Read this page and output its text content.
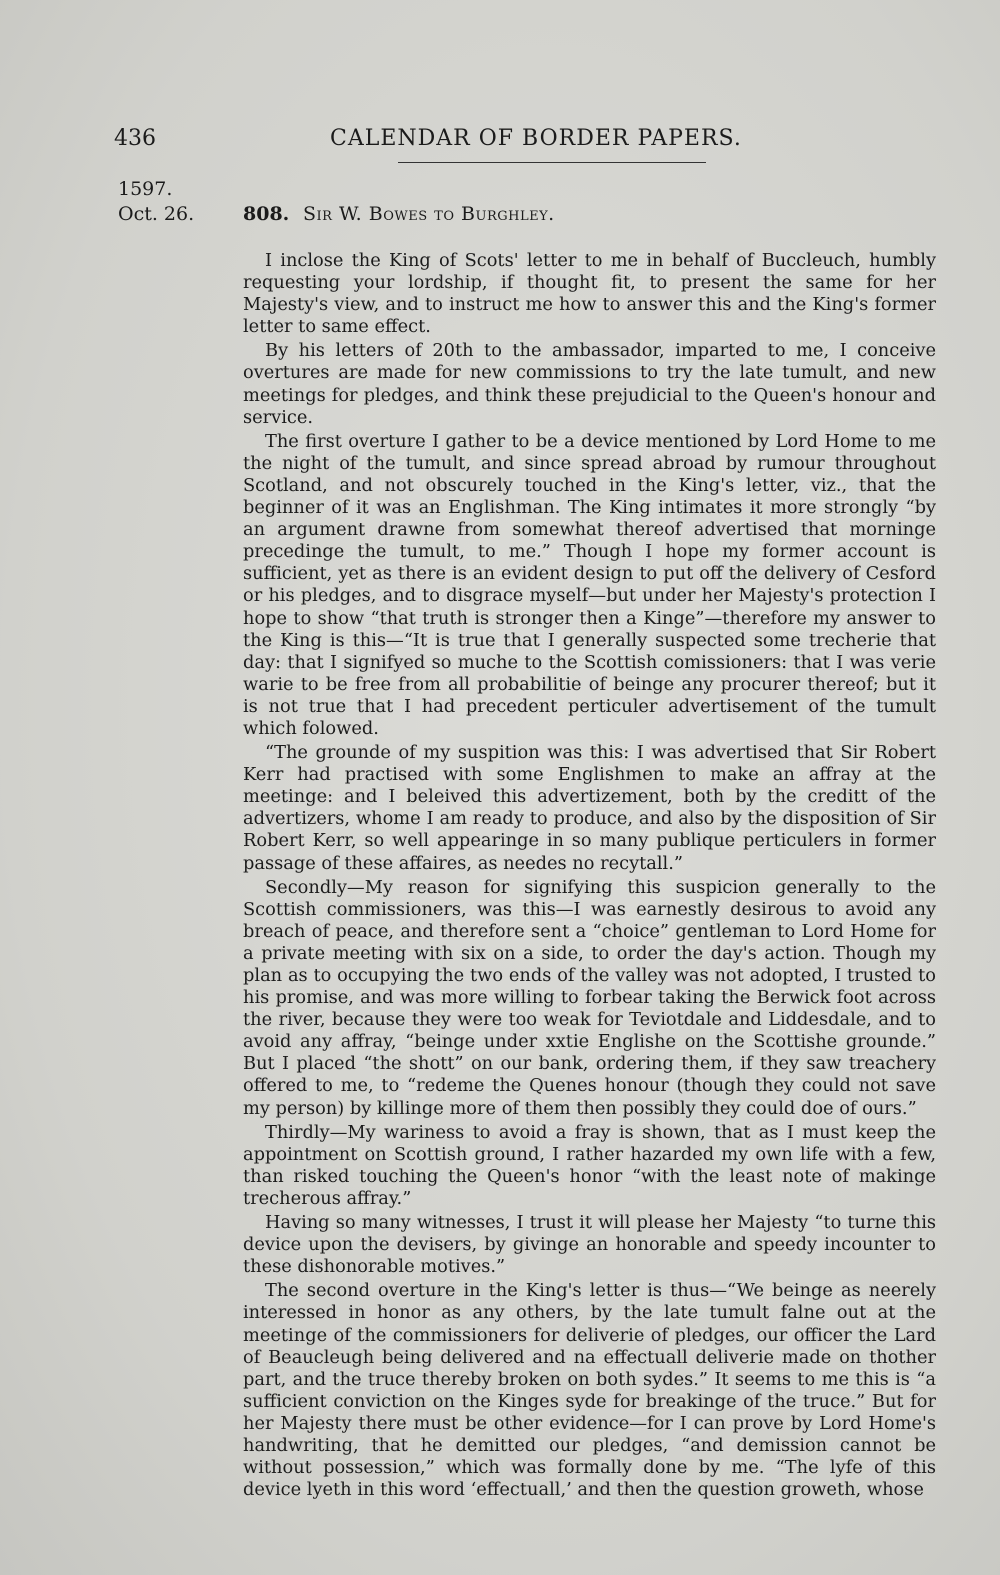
436	CALENDAR OF BORDER PAPERS.
1597.
Oct. 26.	808. Sir W. Bowes to Burghley.

I inclose the King of Scots' letter to me in behalf of Buccleuch, humbly requesting your lordship, if thought fit, to present the same for her Majesty's view, and to instruct me how to answer this and the King's former letter to same effect.

By his letters of 20th to the ambassador, imparted to me, I conceive overtures are made for new commissions to try the late tumult, and new meetings for pledges, and think these prejudicial to the Queen's honour and service.

The first overture I gather to be a device mentioned by Lord Home to me the night of the tumult, and since spread abroad by rumour throughout Scotland, and not obscurely touched in the King's letter, viz., that the beginner of it was an Englishman. The King intimates it more strongly “by an argument drawne from somewhat thereof advertised that morninge precedinge the tumult, to me.” Though I hope my former account is sufficient, yet as there is an evident design to put off the delivery of Cesford or his pledges, and to disgrace myself—but under her Majesty's protection I hope to show “that truth is stronger then a Kinge”—therefore my answer to the King is this—“It is true that I generally suspected some trecherie that day: that I signifyed so muche to the Scottish comissioners: that I was verie warie to be free from all probabilitie of beinge any procurer thereof; but it is not true that I had precedent perticuler advertisement of the tumult which folowed.

“The grounde of my suspition was this: I was advertised that Sir Robert Kerr had practised with some Englishmen to make an affray at the meetinge: and I beleived this advertizement, both by the creditt of the advertizers, whome I am ready to produce, and also by the disposition of Sir Robert Kerr, so well appearinge in so many publique perticulers in former passage of these affaires, as needes no recytall.”

Secondly—My reason for signifying this suspicion generally to the Scottish commissioners, was this—I was earnestly desirous to avoid any breach of peace, and therefore sent a “choice” gentleman to Lord Home for a private meeting with six on a side, to order the day's action. Though my plan as to occupying the two ends of the valley was not adopted, I trusted to his promise, and was more willing to forbear taking the Berwick foot across the river, because they were too weak for Teviotdale and Liddesdale, and to avoid any affray, “beinge under xxtie Englishe on the Scottishe grounde.” But I placed “the shott” on our bank, ordering them, if they saw treachery offered to me, to “redeme the Quenes honour (though they could not save my person) by killinge more of them then possibly they could doe of ours.”

Thirdly—My wariness to avoid a fray is shown, that as I must keep the appointment on Scottish ground, I rather hazarded my own life with a few, than risked touching the Queen's honor “with the least note of makinge trecherous affray.”

Having so many witnesses, I trust it will please her Majesty “to turne this device upon the devisers, by givinge an honorable and speedy incounter to these dishonorable motives.”

The second overture in the King's letter is thus—“We beinge as neerely interessed in honor as any others, by the late tumult falne out at the meetinge of the commissioners for deliverie of pledges, our officer the Lard of Beaucleugh being delivered and na effectuall deliverie made on thother part, and the truce thereby broken on both sydes.” It seems to me this is “a sufficient conviction on the Kinges syde for breakinge of the truce.” But for her Majesty there must be other evidence—for I can prove by Lord Home's handwriting, that he demitted our pledges, “and demission cannot be without possession,” which was formally done by me. “The lyfe of this device lyeth in this word ‘effectuall,’ and then the question groweth, whose
